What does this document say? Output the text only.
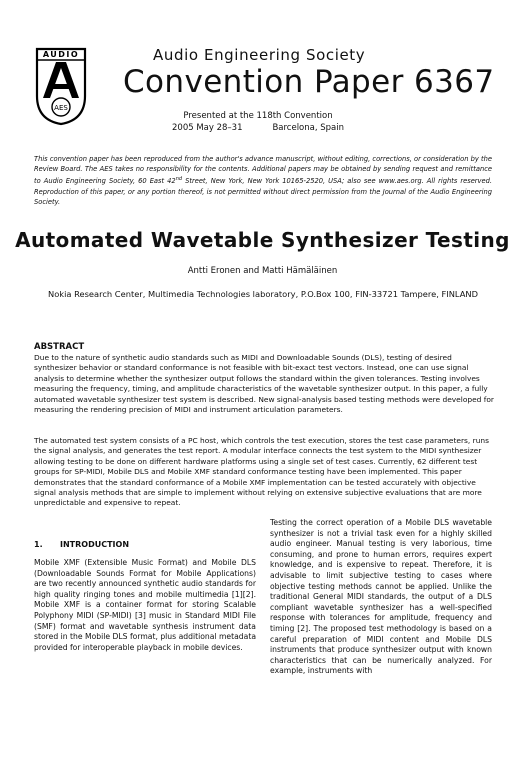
AUDIO
AES
Audio Engineering Society
Convention Paper 6367
Presented at the 118th Convention
2005 May 28–31	Barcelona, Spain
This convention paper has been reproduced from the author's advance manuscript, without editing, corrections, or consideration by the Review Board. The AES takes no responsibility for the contents. Additional papers may be obtained by sending request and remittance to Audio Engineering Society, 60 East 42nd Street, New York, New York 10165-2520, USA; also see www.aes.org. All rights reserved. Reproduction of this paper, or any portion thereof, is not permitted without direct permission from the Journal of the Audio Engineering Society.
Automated Wavetable Synthesizer Testing
Antti Eronen and Matti Hämäläinen
Nokia Research Center, Multimedia Technologies laboratory, P.O.Box 100, FIN-33721 Tampere, FINLAND
ABSTRACT

Due to the nature of synthetic audio standards such as MIDI and Downloadable Sounds (DLS), testing of desired synthesizer behavior or standard conformance is not feasible with bit-exact test vectors. Instead, one can use signal analysis to determine whether the synthesizer output follows the standard within the given tolerances. Testing involves measuring the frequency, timing, and amplitude characteristics of the wavetable synthesizer output. In this paper, a fully automated wavetable synthesizer test system is described. New signal-analysis based testing methods were developed for measuring the rendering precision of MIDI and instrument articulation parameters.

The automated test system consists of a PC host, which controls the test execution, stores the test case parameters, runs the signal analysis, and generates the test report. A modular interface connects the test system to the MIDI synthesizer allowing testing to be done on different hardware platforms using a single set of test cases. Currently, 62 different test groups for SP-MIDI, Mobile DLS and Mobile XMF standard conformance testing have been implemented. This paper demonstrates that the standard conformance of a Mobile XMF implementation can be tested accurately with objective signal analysis methods that are simple to implement without relying on extensive subjective evaluations that are more unpredictable and expensive to repeat.

1. INTRODUCTION

Mobile XMF (Extensible Music Format) and Mobile DLS (Downloadable Sounds Format for Mobile Applications) are two recently announced synthetic audio standards for high quality ringing tones and mobile multimedia [1][2]. Mobile XMF is a container format for storing Scalable Polyphony MIDI (SP-MIDI) [3] music in Standard MIDI File (SMF) format and wavetable synthesis instrument data stored in the Mobile DLS format, plus additional metadata provided for interoperable playback in mobile devices.

Testing the correct operation of a Mobile DLS wavetable synthesizer is not a trivial task even for a highly skilled audio engineer. Manual testing is very laborious, time consuming, and prone to human errors, requires expert knowledge, and is expensive to repeat. Therefore, it is advisable to limit subjective testing to cases where objective testing methods cannot be applied. Unlike the traditional General MIDI standards, the output of a DLS compliant wavetable synthesizer has a well-specified response with tolerances for amplitude, frequency and timing [2]. The proposed test methodology is based on a careful preparation of MIDI content and Mobile DLS instruments that produce synthesizer output with known characteristics that can be numerically analyzed. For example, instruments with
